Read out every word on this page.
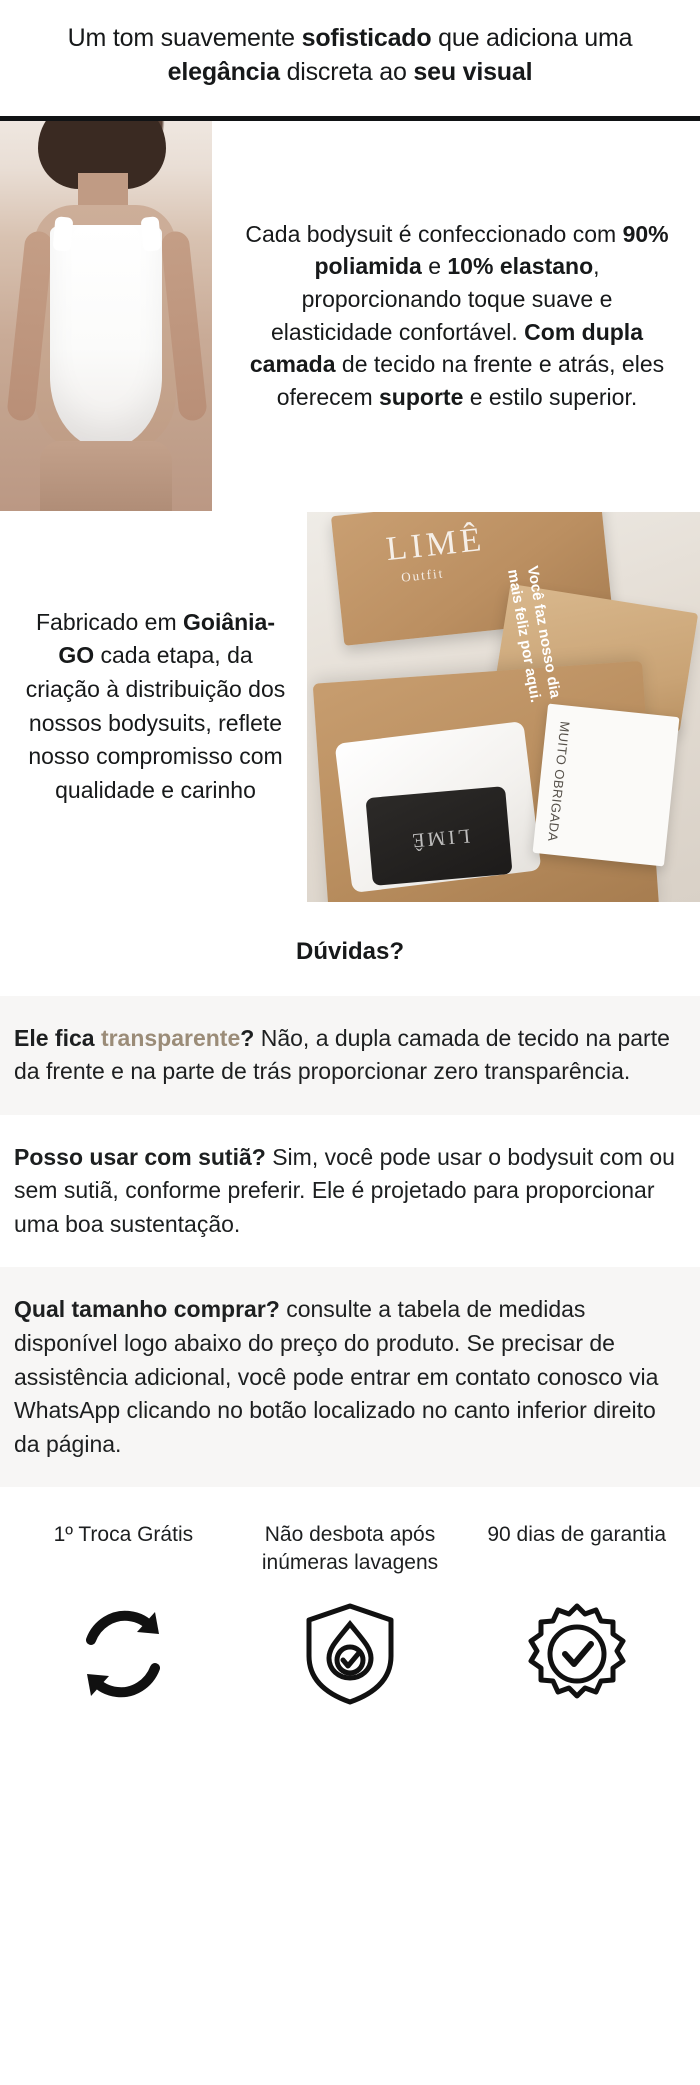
Um tom suavemente sofisticado que adiciona uma
elegância discreta ao seu visual

Cada bodysuit é confeccionado com 90% poliamida e 10% elastano, proporcionando toque suave e elasticidade confortável. Com dupla camada de tecido na frente e atrás, eles oferecem suporte e estilo superior.

Fabricado em Goiânia-GO cada etapa, da criação à distribuição dos nossos bodysuits, reflete nosso compromisso com qualidade e carinho

LIMÊ
Outfit	Você faz nosso dia mais feliz por aqui.
LIMÊ	MUITO OBRIGADA
Dúvidas?
Ele fica transparente? Não, a dupla camada de tecido na parte da frente e na parte de trás proporcionar zero transparência.
Posso usar com sutiã? Sim, você pode usar o bodysuit com ou sem sutiã, conforme preferir. Ele é projetado para proporcionar uma boa sustentação.
Qual tamanho comprar? consulte a tabela de medidas disponível logo abaixo do preço do produto. Se precisar de assistência adicional, você pode entrar em contato conosco via WhatsApp clicando no botão localizado no canto inferior direito da página.
1º Troca Grátis	Não desbota após inúmeras lavagens
90 dias de garantia
